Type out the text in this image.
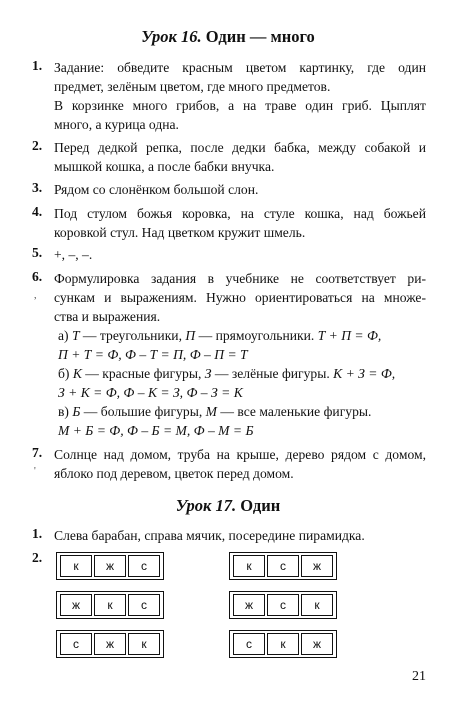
Урок 16. Один — много
1. Задание: обведите красным цветом картинку, где один
предмет, зелёным цветом, где много предметов.
В корзинке много грибов, а на траве один гриб. Цыплят
много, а курица одна.
2. Перед дедкой репка, после дедки бабка, между собакой и
мышкой кошка, а после бабки внучка.
3. Рядом со слонёнком большой слон.
4. Под стулом божья коровка, на стуле кошка, над божьей
коровкой стул. Над цветком кружит шмель.
5. +, –, –.
6. Формулировка задания в учебнике не соответствует ри-
, сункам и выражениям. Нужно ориентироваться на множе-
ства и выражения.
а) Т — треугольники, П — прямоугольники. Т + П = Ф,
П + Т = Ф, Ф – Т = П, Ф – П = Т
б) К — красные фигуры, З — зелёные фигуры. К + З = Ф,
З + К = Ф, Ф – К = З, Ф – З = К
в) Б — большие фигуры, М — все маленькие фигуры.
М + Б = Ф, Ф – Б = М, Ф – М = Б
7. Солнце над домом, труба на крыше, дерево рядом с домом,
' яблоко под деревом, цветок перед домом.
Урок 17. Один
1. Слева барабан, справа мячик, посередине пирамидка.
2.
к	ж	с
ж	к	с
с	ж	к
к	с	ж
ж	с	к
с	к	ж
21
